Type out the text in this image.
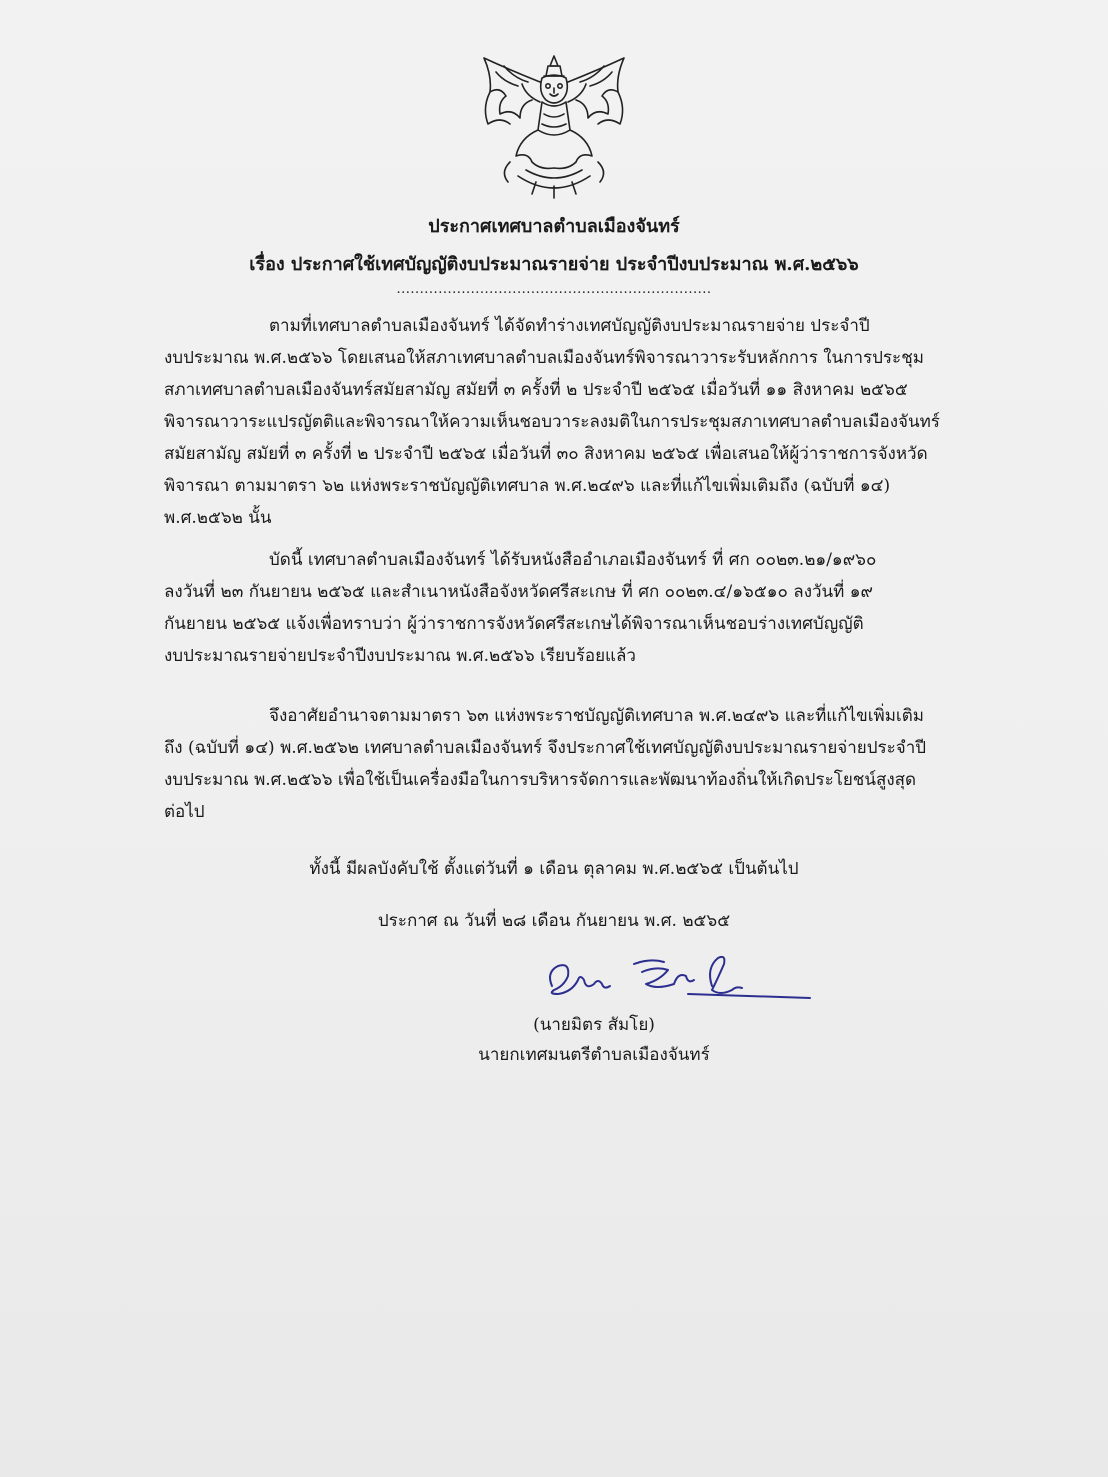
ประกาศเทศบาลตำบลเมืองจันทร์
เรื่อง ประกาศใช้เทศบัญญัติงบประมาณรายจ่าย ประจำปีงบประมาณ พ.ศ.๒๕๖๖
....................................................................
ตามที่เทศบาลตำบลเมืองจันทร์ ได้จัดทำร่างเทศบัญญัติงบประมาณรายจ่าย ประจำปี
งบประมาณ พ.ศ.๒๕๖๖ โดยเสนอให้สภาเทศบาลตำบลเมืองจันทร์พิจารณาวาระรับหลักการ ในการประชุม
สภาเทศบาลตำบลเมืองจันทร์สมัยสามัญ สมัยที่ ๓ ครั้งที่ ๒ ประจำปี ๒๕๖๕ เมื่อวันที่ ๑๑ สิงหาคม ๒๕๖๕
พิจารณาวาระแปรญัตติและพิจารณาให้ความเห็นชอบวาระลงมติในการประชุมสภาเทศบาลตำบลเมืองจันทร์
สมัยสามัญ สมัยที่ ๓ ครั้งที่ ๒ ประจำปี ๒๕๖๕ เมื่อวันที่ ๓๐ สิงหาคม ๒๕๖๕ เพื่อเสนอให้ผู้ว่าราชการจังหวัด
พิจารณา ตามมาตรา ๖๒ แห่งพระราชบัญญัติเทศบาล พ.ศ.๒๔๙๖ และที่แก้ไขเพิ่มเติมถึง (ฉบับที่ ๑๔)
พ.ศ.๒๕๖๒ นั้น
บัดนี้ เทศบาลตำบลเมืองจันทร์ ได้รับหนังสืออำเภอเมืองจันทร์ ที่ ศก ๐๐๒๓.๒๑/๑๙๖๐
ลงวันที่ ๒๓ กันยายน ๒๕๖๕ และสำเนาหนังสือจังหวัดศรีสะเกษ ที่ ศก ๐๐๒๓.๔/๑๖๕๑๐ ลงวันที่ ๑๙
กันยายน ๒๕๖๕ แจ้งเพื่อทราบว่า ผู้ว่าราชการจังหวัดศรีสะเกษได้พิจารณาเห็นชอบร่างเทศบัญญัติ
งบประมาณรายจ่ายประจำปีงบประมาณ พ.ศ.๒๕๖๖ เรียบร้อยแล้ว
จึงอาศัยอำนาจตามมาตรา ๖๓ แห่งพระราชบัญญัติเทศบาล พ.ศ.๒๔๙๖ และที่แก้ไขเพิ่มเติม
ถึง (ฉบับที่ ๑๔) พ.ศ.๒๕๖๒ เทศบาลตำบลเมืองจันทร์ จึงประกาศใช้เทศบัญญัติงบประมาณรายจ่ายประจำปี
งบประมาณ พ.ศ.๒๕๖๖ เพื่อใช้เป็นเครื่องมือในการบริหารจัดการและพัฒนาท้องถิ่นให้เกิดประโยชน์สูงสุด
ต่อไป
ทั้งนี้ มีผลบังคับใช้ ตั้งแต่วันที่ ๑ เดือน ตุลาคม พ.ศ.๒๕๖๕ เป็นต้นไป
ประกาศ ณ วันที่ ๒๘ เดือน กันยายน พ.ศ. ๒๕๖๕
(นายมิตร สัมโย)
นายกเทศมนตรีตำบลเมืองจันทร์
